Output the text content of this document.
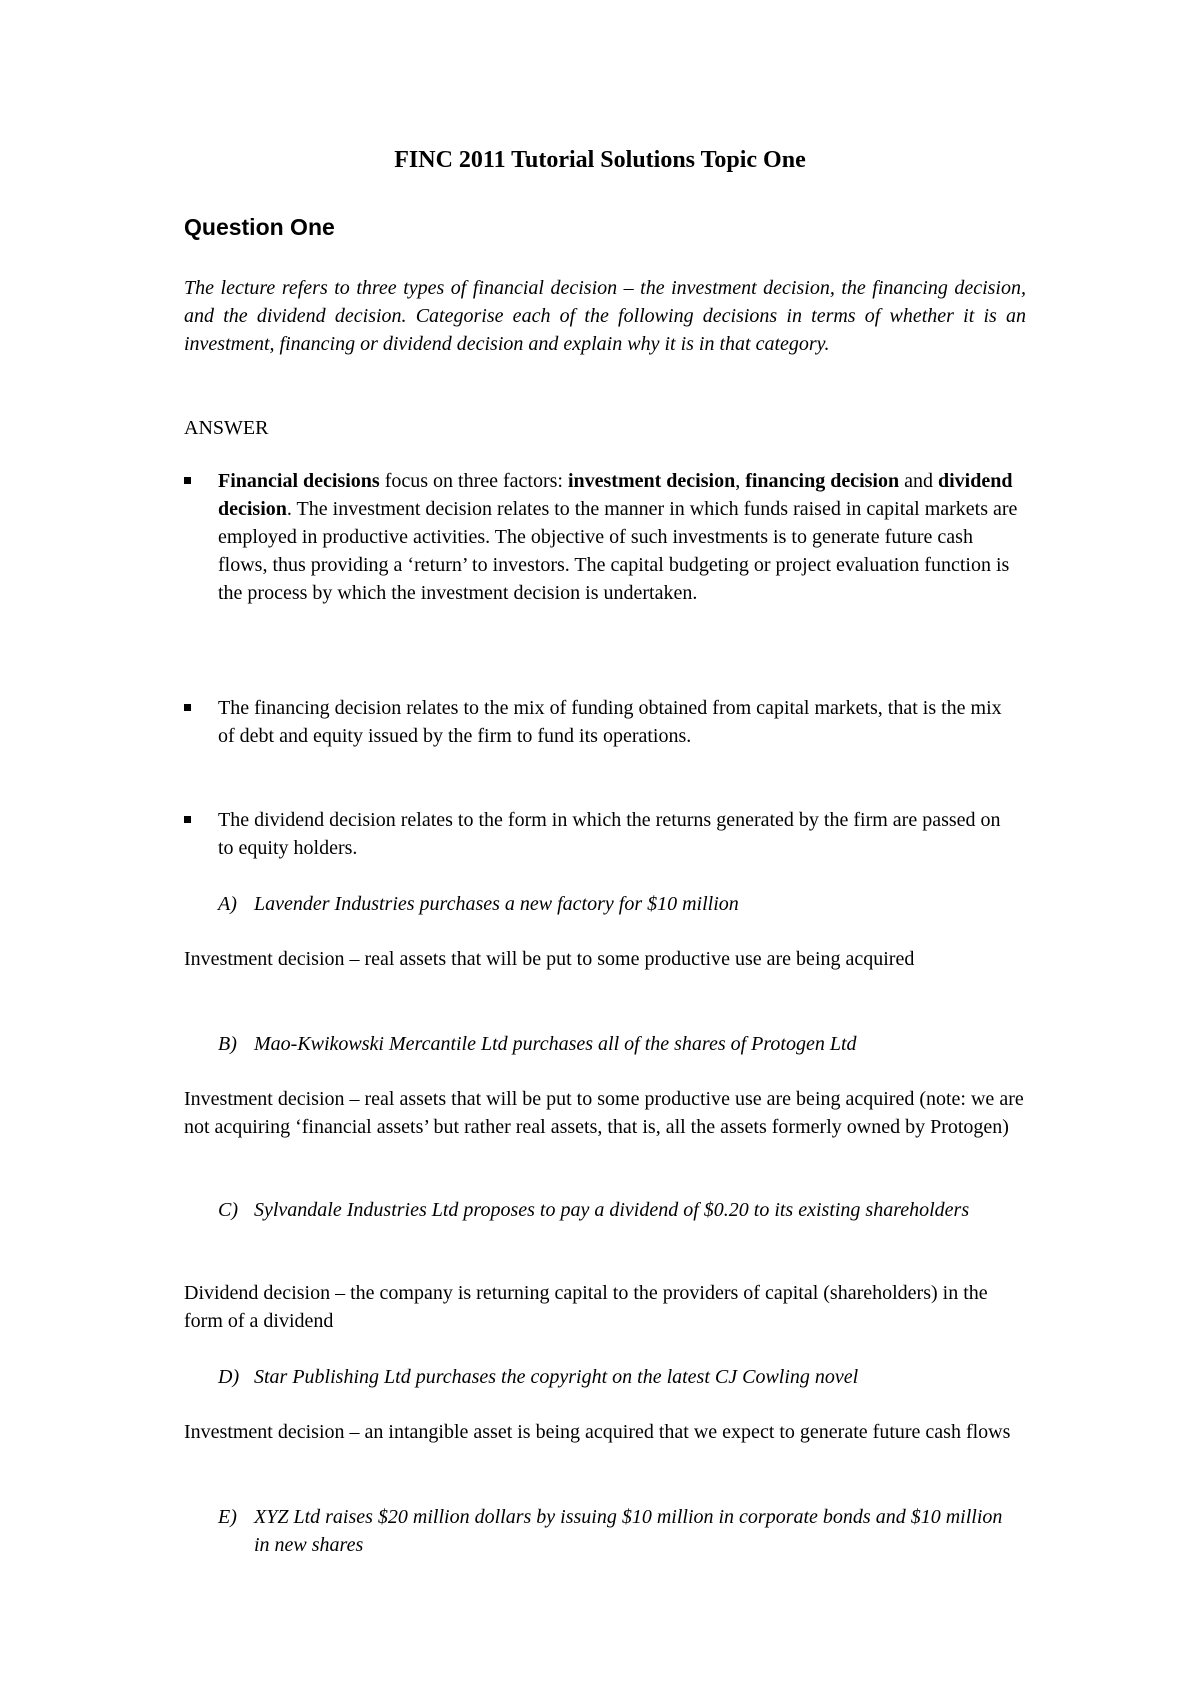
FINC 2011 Tutorial Solutions Topic One
Question One
The lecture refers to three types of financial decision – the investment decision, the financing decision, and the dividend decision. Categorise each of the following decisions in terms of whether it is an investment, financing or dividend decision and explain why it is in that category.
ANSWER
Financial decisions focus on three factors: investment decision, financing decision and dividend decision. The investment decision relates to the manner in which funds raised in capital markets are employed in productive activities. The objective of such investments is to generate future cash flows, thus providing a ‘return’ to investors. The capital budgeting or project evaluation function is the process by which the investment decision is undertaken.
The financing decision relates to the mix of funding obtained from capital markets, that is the mix of debt and equity issued by the firm to fund its operations.
The dividend decision relates to the form in which the returns generated by the firm are passed on to equity holders.
A) Lavender Industries purchases a new factory for $10 million
Investment decision – real assets that will be put to some productive use are being acquired
B) Mao-Kwikowski Mercantile Ltd purchases all of the shares of Protogen Ltd
Investment decision – real assets that will be put to some productive use are being acquired (note: we are not acquiring ‘financial assets’ but rather real assets, that is, all the assets formerly owned by Protogen)
C) Sylvandale Industries Ltd proposes to pay a dividend of $0.20 to its existing shareholders
Dividend decision – the company is returning capital to the providers of capital (shareholders) in the form of a dividend
D) Star Publishing Ltd purchases the copyright on the latest CJ Cowling novel
Investment decision – an intangible asset is being acquired that we expect to generate future cash flows
E) XYZ Ltd raises $20 million dollars by issuing $10 million in corporate bonds and $10 million in new shares
